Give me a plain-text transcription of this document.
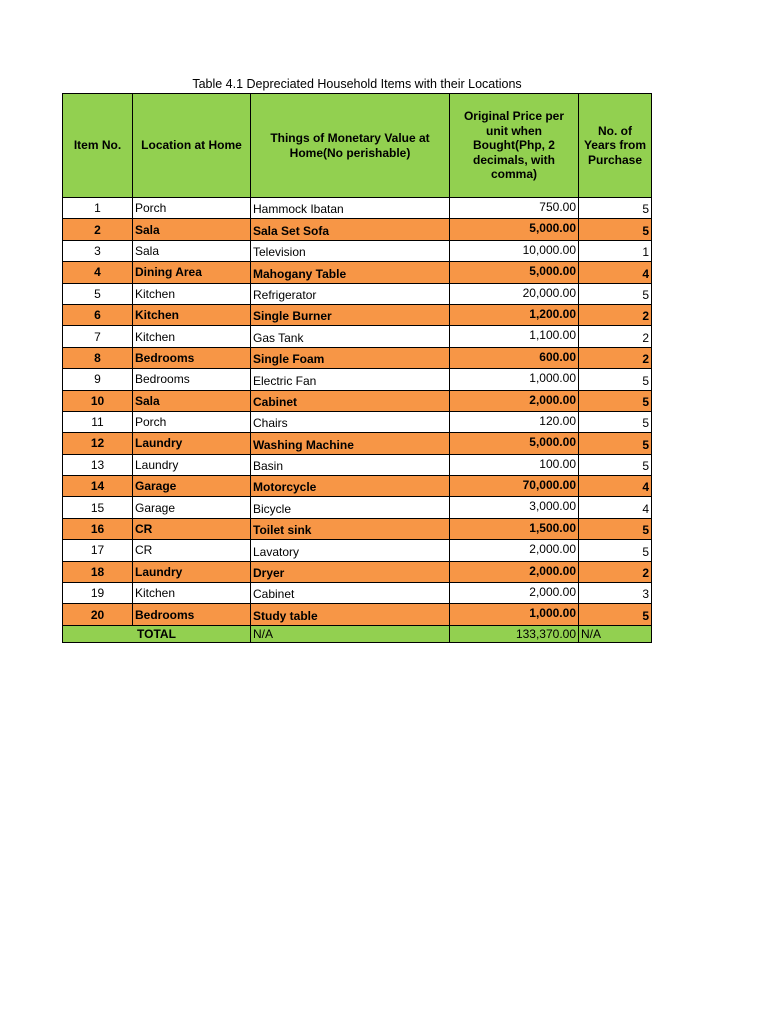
Table 4.1 Depreciated Household Items with their Locations
Item No.	Location at Home	Things of Monetary Value at Home(No perishable)	Original Price per unit when Bought(Php, 2 decimals, with comma)	No. of Years from Purchase
1	Porch	Hammock Ibatan	750.00	5
2	Sala	Sala Set Sofa	5,000.00	5
3	Sala	Television	10,000.00	1
4	Dining Area	Mahogany Table	5,000.00	4
5	Kitchen	Refrigerator	20,000.00	5
6	Kitchen	Single Burner	1,200.00	2
7	Kitchen	Gas Tank	1,100.00	2
8	Bedrooms	Single Foam	600.00	2
9	Bedrooms	Electric Fan	1,000.00	5
10	Sala	Cabinet	2,000.00	5
11	Porch	Chairs	120.00	5
12	Laundry	Washing Machine	5,000.00	5
13	Laundry	Basin	100.00	5
14	Garage	Motorcycle	70,000.00	4
15	Garage	Bicycle	3,000.00	4
16	CR	Toilet sink	1,500.00	5
17	CR	Lavatory	2,000.00	5
18	Laundry	Dryer	2,000.00	2
19	Kitchen	Cabinet	2,000.00	3
20	Bedrooms	Study table	1,000.00	5
TOTAL		N/A	133,370.00	N/A
